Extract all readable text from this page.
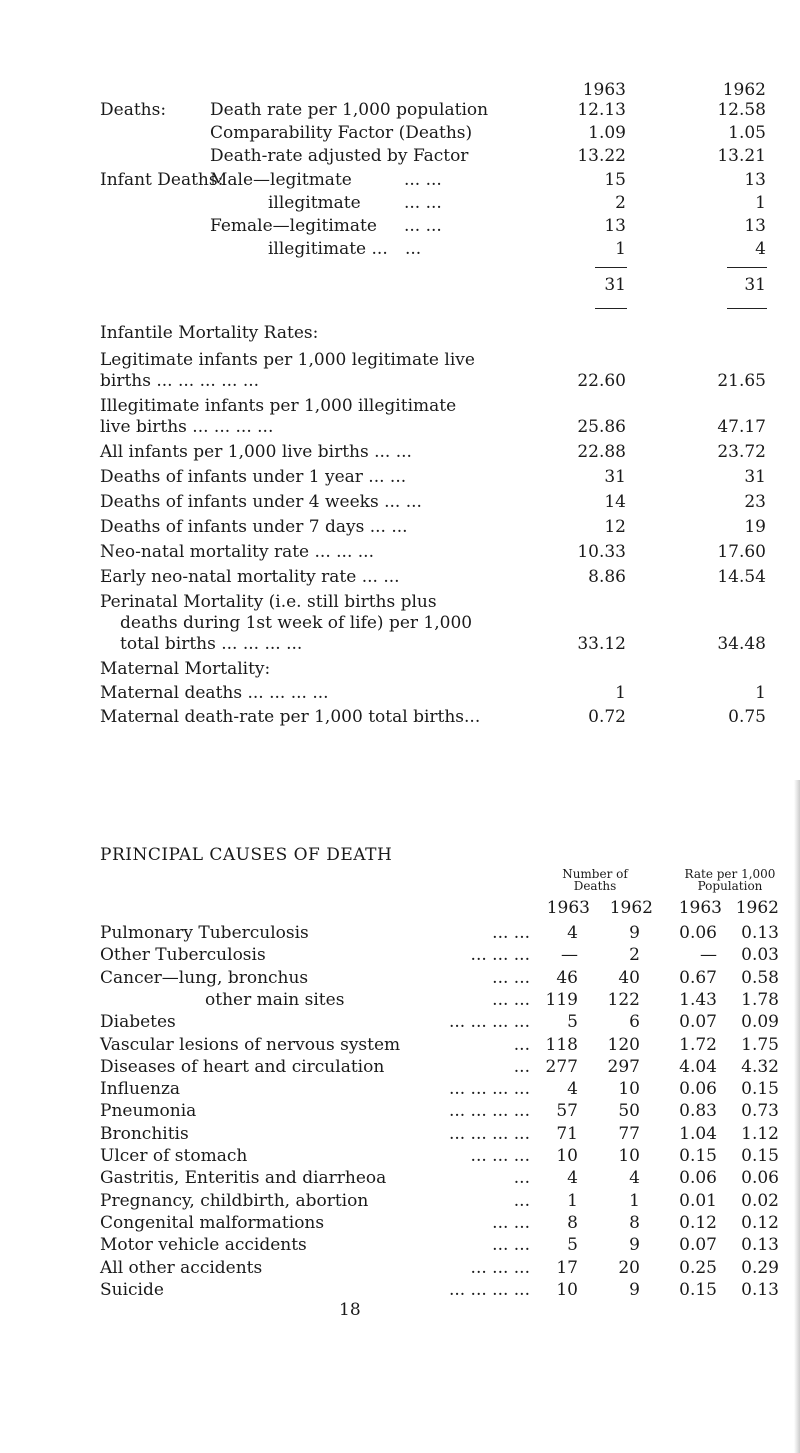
1963	1962
Deaths:	Death rate per 1,000 population	12.13	12.58
Comparability Factor (Deaths)	1.09	1.05
Death-rate adjusted by Factor	13.22	13.21
Infant Deaths:
Male—legitmate	... ...	15	13
illegitmate	... ...	2	1
Female—legitimate ... ...	13	13
illegitimate ... ...	1	4
31	31
Infantile Mortality Rates:
Legitimate infants per 1,000 legitimate live
births ... ... ... ... ...	22.60	21.65
Illegitimate infants per 1,000 illegitimate
live births ... ... ... ...	25.86	47.17
All infants per 1,000 live births ... ...	22.88	23.72
Deaths of infants under 1 year ... ...	31	31
Deaths of infants under 4 weeks ... ...	14	23
Deaths of infants under 7 days ... ...	12	19
Neo-natal mortality rate ... ... ...	10.33	17.60
Early neo-natal mortality rate ... ...	8.86	14.54
Perinatal Mortality (i.e. still births plus
deaths during 1st week of life) per 1,000
total births ... ... ... ...	33.12	34.48
Maternal Mortality:
Maternal deaths ... ... ... ...	1	1
Maternal death-rate per 1,000 total births...	0.72	0.75
PRINCIPAL CAUSES OF DEATH
Number of
Deaths
Rate per 1,000
Population
1963 1962 1963 1962
Pulmonary Tuberculosis	... ... 4	9 0.06 0.13
Other Tuberculosis	... ... ... —	2	— 0.03
Cancer—lung, bronchus	... ... 46 40 0.67 0.58
other main sites	... ... 119 122 1.43 1.78
Diabetes	... ... ... ... 5	6 0.07 0.09
Vascular lesions of nervous system	... 118 120 1.72 1.75
Diseases of heart and circulation	... 277 297 4.04 4.32
Influenza	... ... ... ... 4 10 0.06 0.15
Pneumonia	... ... ... ... 57 50 0.83 0.73
Bronchitis	... ... ... ... 71 77 1.04 1.12
Ulcer of stomach	... ... ... 10 10 0.15 0.15
Gastritis, Enteritis and diarrheoa	... 4	4 0.06 0.06
Pregnancy, childbirth, abortion	... 1	1 0.01 0.02
Congenital malformations	... ... 8	8 0.12 0.12
Motor vehicle accidents	... ... 5	9 0.07 0.13
All other accidents	... ... ... 17 20 0.25 0.29
Suicide	... ... ... ... 10	9 0.15 0.13
18
